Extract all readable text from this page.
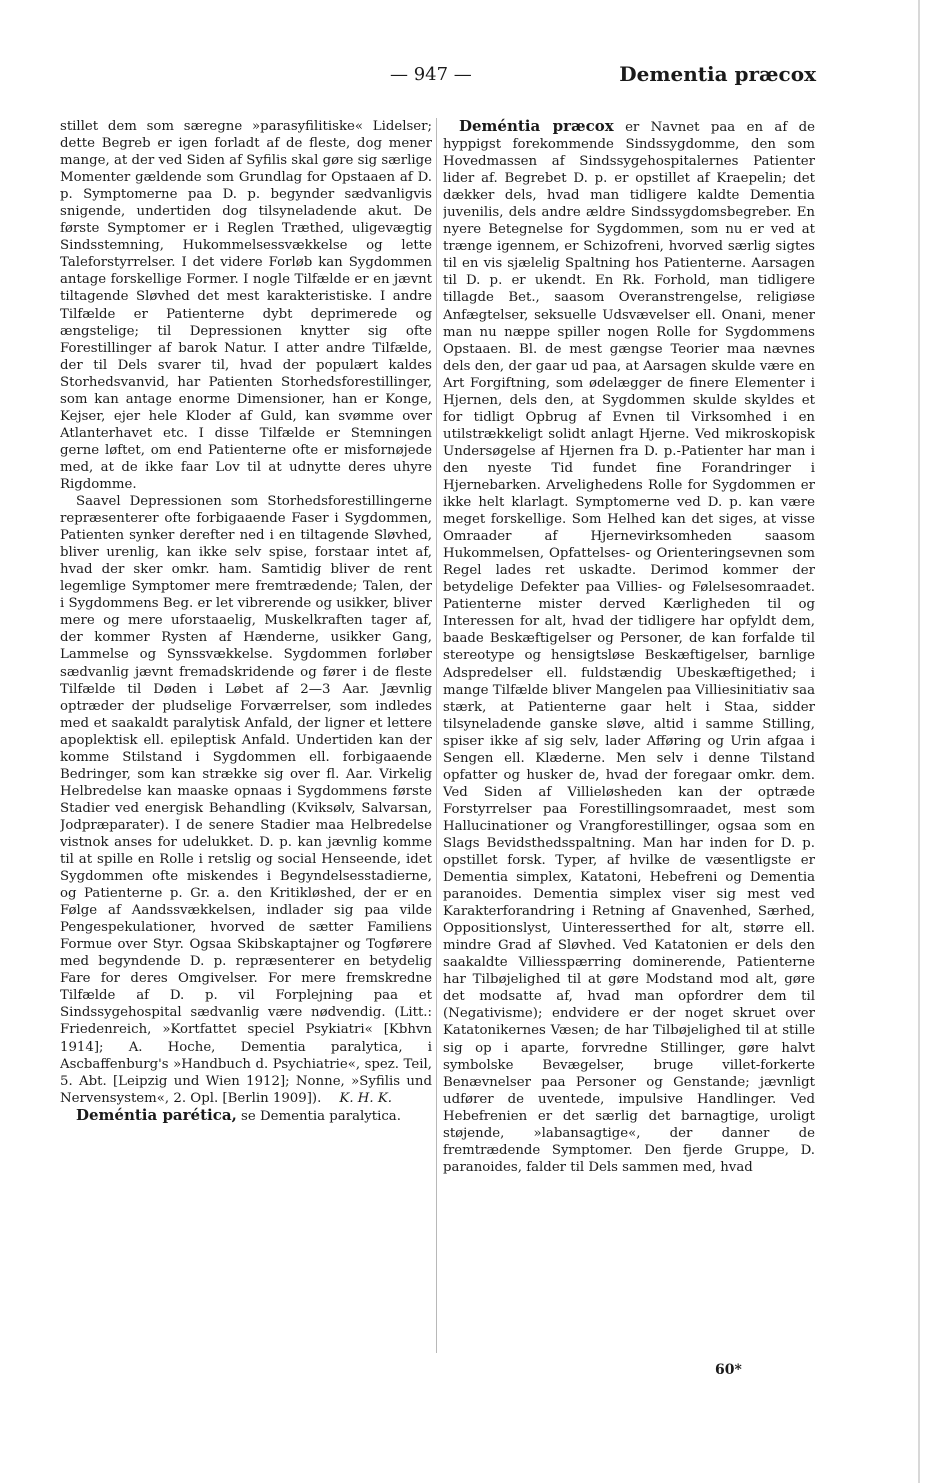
— 947 —	Dementia præcox

stillet dem som særegne »parasyfilitiske« Lidelser; dette Begreb er igen forladt af de fleste, dog mener mange, at der ved Siden af Syfilis skal gøre sig særlige Momenter gældende som Grundlag for Opstaaen af D. p. Symptomerne paa D. p. begynder sædvanligvis snigende, undertiden dog tilsyneladende akut. De første Symptomer er i Reglen Træthed, uligevægtig Sindsstemning, Hukommelsessvækkelse og lette Taleforstyrrelser. I det videre Forløb kan Sygdommen antage forskellige Former. I nogle Tilfælde er en jævnt tiltagende Sløvhed det mest karakteristiske. I andre Tilfælde er Patienterne dybt deprimerede og ængstelige; til Depressionen knytter sig ofte Forestillinger af barok Natur. I atter andre Tilfælde, der til Dels svarer til, hvad der populært kaldes Storhedsvanvid, har Patienten Storhedsforestillinger, som kan antage enorme Dimensioner, han er Konge, Kejser, ejer hele Kloder af Guld, kan svømme over Atlanterhavet etc. I disse Tilfælde er Stemningen gerne løftet, om end Patienterne ofte er misfornøjede med, at de ikke faar Lov til at udnytte deres uhyre Rigdomme.

Saavel Depressionen som Storhedsforestillingerne repræsenterer ofte forbigaaende Faser i Sygdommen, Patienten synker derefter ned i en tiltagende Sløvhed, bliver urenlig, kan ikke selv spise, forstaar intet af, hvad der sker omkr. ham. Samtidig bliver de rent legemlige Symptomer mere fremtrædende; Talen, der i Sygdommens Beg. er let vibrerende og usikker, bliver mere og mere uforstaaelig, Muskelkraften tager af, der kommer Rysten af Hænderne, usikker Gang, Lammelse og Synssvækkelse. Sygdommen forløber sædvanlig jævnt fremadskridende og fører i de fleste Tilfælde til Døden i Løbet af 2—3 Aar. Jævnlig optræder der pludselige Forværrelser, som indledes med et saakaldt paralytisk Anfald, der ligner et lettere apoplektisk ell. epileptisk Anfald. Undertiden kan der komme Stilstand i Sygdommen ell. forbigaaende Bedringer, som kan strække sig over fl. Aar. Virkelig Helbredelse kan maaske opnaas i Sygdommens første Stadier ved energisk Behandling (Kviksølv, Salvarsan, Jodpræparater). I de senere Stadier maa Helbredelse vistnok anses for udelukket. D. p. kan jævnlig komme til at spille en Rolle i retslig og social Henseende, idet Sygdommen ofte miskendes i Begyndelsesstadierne, og Patienterne p. Gr. a. den Kritikløshed, der er en Følge af Aandssvækkelsen, indlader sig paa vilde Pengespekulationer, hvorved de sætter Familiens Formue over Styr. Ogsaa Skibskaptajner og Togførere med begyndende D. p. repræsenterer en betydelig Fare for deres Omgivelser. For mere fremskredne Tilfælde af D. p. vil Forplejning paa et Sindssygehospital sædvanlig være nødvendig. (Litt.: Friedenreich, »Kortfattet speciel Psykiatri« [Kbhvn 1914]; A. Hoche, Dementia paralytica, i Ascbaffenburg's »Handbuch d. Psychiatrie«, spez. Teil, 5. Abt. [Leipzig und Wien 1912]; Nonne, »Syfilis und Nervensystem«, 2. Opl. [Berlin 1909]).	K. H. K.

Deméntia parética, se Dementia paralytica.

Deméntia præcox er Navnet paa en af de hyppigst forekommende Sindssygdomme, den som Hovedmassen af Sindssygehospitalernes Patienter lider af. Begrebet D. p. er opstillet af Kraepelin; det dækker dels, hvad man tidligere kaldte Dementia juvenilis, dels andre ældre Sindssygdomsbegreber. En nyere Betegnelse for Sygdommen, som nu er ved at trænge igennem, er Schizofreni, hvorved særlig sigtes til en vis sjælelig Spaltning hos Patienterne. Aarsagen til D. p. er ukendt. En Rk. Forhold, man tidligere tillagde Bet., saasom Overanstrengelse, religiøse Anfægtelser, seksuelle Udsvævelser ell. Onani, mener man nu næppe spiller nogen Rolle for Sygdommens Opstaaen. Bl. de mest gængse Teorier maa nævnes dels den, der gaar ud paa, at Aarsagen skulde være en Art Forgiftning, som ødelægger de finere Elementer i Hjernen, dels den, at Sygdommen skulde skyldes et for tidligt Opbrug af Evnen til Virksomhed i en utilstrækkeligt solidt anlagt Hjerne. Ved mikroskopisk Undersøgelse af Hjernen fra D. p.-Patienter har man i den nyeste Tid fundet fine Forandringer i Hjernebarken. Arvelighedens Rolle for Sygdommen er ikke helt klarlagt. Symptomerne ved D. p. kan være meget forskellige. Som Helhed kan det siges, at visse Omraader af Hjernevirksomheden saasom Hukommelsen, Opfattelses- og Orienteringsevnen som Regel lades ret uskadte. Derimod kommer der betydelige Defekter paa Villies- og Følelsesomraadet. Patienterne mister derved Kærligheden til og Interessen for alt, hvad der tidligere har opfyldt dem, baade Beskæftigelser og Personer, de kan forfalde til stereotype og hensigtsløse Beskæftigelser, barnlige Adspredelser ell. fuldstændig Ubeskæftigethed; i mange Tilfælde bliver Mangelen paa Villiesinitiativ saa stærk, at Patienterne gaar helt i Staa, sidder tilsyneladende ganske sløve, altid i samme Stilling, spiser ikke af sig selv, lader Afføring og Urin afgaa i Sengen ell. Klæderne. Men selv i denne Tilstand opfatter og husker de, hvad der foregaar omkr. dem. Ved Siden af Villieløsheden kan der optræde Forstyrrelser paa Forestillingsomraadet, mest som Hallucinationer og Vrangforestillinger, ogsaa som en Slags Bevidsthedsspaltning. Man har inden for D. p. opstillet forsk. Typer, af hvilke de væsentligste er Dementia simplex, Katatoni, Hebefreni og Dementia paranoides. Dementia simplex viser sig mest ved Karakterforandring i Retning af Gnavenhed, Særhed, Oppositionslyst, Uinteresserthed for alt, større ell. mindre Grad af Sløvhed. Ved Katatonien er dels den saakaldte Villiesspærring dominerende, Patienterne har Tilbøjelighed til at gøre Modstand mod alt, gøre det modsatte af, hvad man opfordrer dem til (Negativisme); endvidere er der noget skruet over Katatonikernes Væsen; de har Tilbøjelighed til at stille sig op i aparte, forvredne Stillinger, gøre halvt symbolske Bevægelser, bruge villet-forkerte Benævnelser paa Personer og Genstande; jævnligt udfører de uventede, impulsive Handlinger. Ved Hebefrenien er det særlig det barnagtige, uroligt støjende, »labansagtige«, der danner de fremtrædende Symptomer. Den fjerde Gruppe, D. paranoides, falder til Dels sammen med, hvad

60*
